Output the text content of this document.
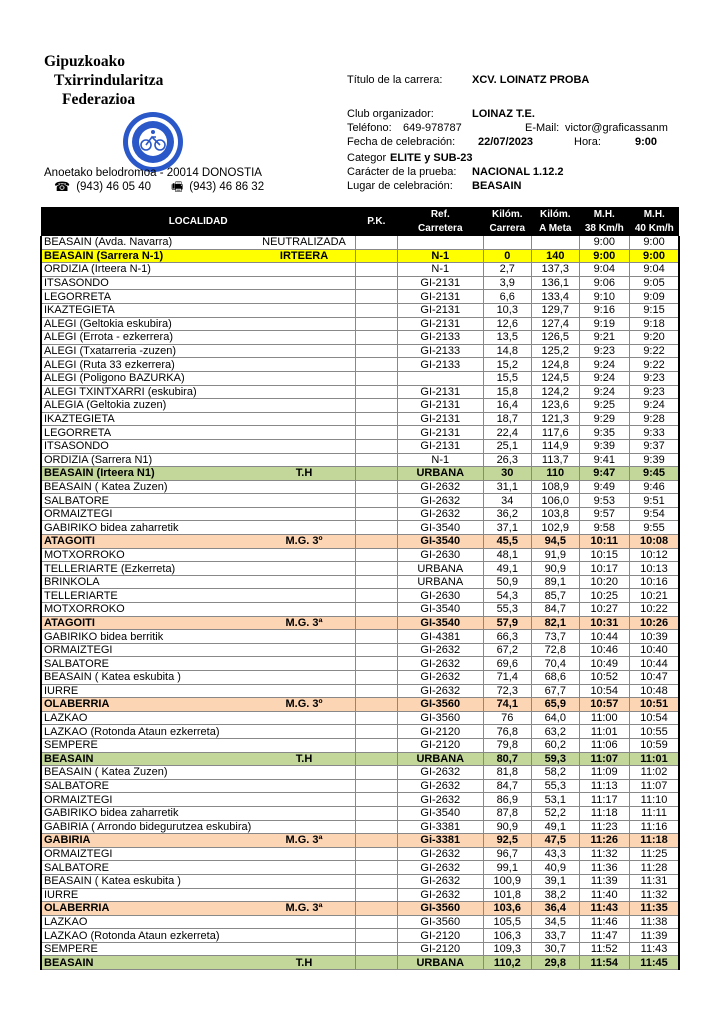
Gipuzkoako
Txirrindularitza
Federazioa
Anoetako belodromoa - 20014 DONOSTIA
☎ (943) 46 05 40 🖷 (943) 46 86 32
Título de la carrera:	XCV. LOINATZ PROBA
Club organizador:	LOINAZ T.E.
Teléfono: 649-978787	E-Mail: victor@graficassanm
Fecha de celebración: 22/07/2023	Hora:	9:00
Categor ELITE y SUB-23
Carácter de la prueba: NACIONAL 1.12.2
Lugar de celebración: BEASAIN
LOCALIDAD		P.K.	Ref.	Kilóm.	Kilóm.	M.H.	M.H.
			Carretera	Carrera	A Meta	38 Km/h	40 Km/h
BEASAIN (Avda. Navarra)	NEUTRALIZADA					9:00	9:00
BEASAIN (Sarrera N-1)	IRTEERA		N-1	0	140	9:00	9:00
ORDIZIA (Irteera N-1)			N-1	2,7	137,3	9:04	9:04
ITSASONDO			GI-2131	3,9	136,1	9:06	9:05
LEGORRETA			GI-2131	6,6	133,4	9:10	9:09
IKAZTEGIETA			GI-2131	10,3	129,7	9:16	9:15
ALEGI (Geltokia eskubira)			GI-2131	12,6	127,4	9:19	9:18
ALEGI (Errota - ezkerrera)			GI-2133	13,5	126,5	9:21	9:20
ALEGI (Txatarreria -zuzen)			GI-2133	14,8	125,2	9:23	9:22
ALEGI (Ruta 33 ezkerrera)			GI-2133	15,2	124,8	9:24	9:22
ALEGI (Poligono BAZURKA)				15,5	124,5	9:24	9:23
ALEGI TXINTXARRI (eskubira)			GI-2131	15,8	124,2	9:24	9:23
ALEGIA (Geltokia zuzen)			GI-2131	16,4	123,6	9:25	9:24
IKAZTEGIETA			GI-2131	18,7	121,3	9:29	9:28
LEGORRETA			GI-2131	22,4	117,6	9:35	9:33
ITSASONDO			GI-2131	25,1	114,9	9:39	9:37
ORDIZIA (Sarrera N1)			N-1	26,3	113,7	9:41	9:39
BEASAIN (Irteera N1)	T.H		URBANA	30	110	9:47	9:45
BEASAIN ( Katea Zuzen)			GI-2632	31,1	108,9	9:49	9:46
SALBATORE			GI-2632	34	106,0	9:53	9:51
ORMAIZTEGI			GI-2632	36,2	103,8	9:57	9:54
GABIRIKO bidea zaharretik			GI-3540	37,1	102,9	9:58	9:55
ATAGOITI	M.G. 3º		GI-3540	45,5	94,5	10:11	10:08
MOTXORROKO			GI-2630	48,1	91,9	10:15	10:12
TELLERIARTE (Ezkerreta)			URBANA	49,1	90,9	10:17	10:13
BRINKOLA			URBANA	50,9	89,1	10:20	10:16
TELLERIARTE			GI-2630	54,3	85,7	10:25	10:21
MOTXORROKO			GI-3540	55,3	84,7	10:27	10:22
ATAGOITI	M.G. 3ª		GI-3540	57,9	82,1	10:31	10:26
GABIRIKO bidea berritik			GI-4381	66,3	73,7	10:44	10:39
ORMAIZTEGI			GI-2632	67,2	72,8	10:46	10:40
SALBATORE			GI-2632	69,6	70,4	10:49	10:44
BEASAIN ( Katea eskubita )			GI-2632	71,4	68,6	10:52	10:47
IURRE			GI-2632	72,3	67,7	10:54	10:48
OLABERRIA	M.G. 3º		GI-3560	74,1	65,9	10:57	10:51
LAZKAO			GI-3560	76	64,0	11:00	10:54
LAZKAO (Rotonda Ataun ezkerreta)			GI-2120	76,8	63,2	11:01	10:55
SEMPERE			GI-2120	79,8	60,2	11:06	10:59
BEASAIN	T.H		URBANA	80,7	59,3	11:07	11:01
BEASAIN ( Katea Zuzen)			GI-2632	81,8	58,2	11:09	11:02
SALBATORE			GI-2632	84,7	55,3	11:13	11:07
ORMAIZTEGI			GI-2632	86,9	53,1	11:17	11:10
GABIRIKO bidea zaharretik			GI-3540	87,8	52,2	11:18	11:11
GABIRIA ( Arrondo bidegurutzea eskubira)			GI-3381	90,9	49,1	11:23	11:16
GABIRIA	M.G. 3ª		Gi-3381	92,5	47,5	11:26	11:18
ORMAIZTEGI			GI-2632	96,7	43,3	11:32	11:25
SALBATORE			GI-2632	99,1	40,9	11:36	11:28
BEASAIN ( Katea eskubita )			GI-2632	100,9	39,1	11:39	11:31
IURRE			GI-2632	101,8	38,2	11:40	11:32
OLABERRIA	M.G. 3ª		GI-3560	103,6	36,4	11:43	11:35
LAZKAO			GI-3560	105,5	34,5	11:46	11:38
LAZKAO (Rotonda Ataun ezkerreta)			GI-2120	106,3	33,7	11:47	11:39
SEMPERE			GI-2120	109,3	30,7	11:52	11:43
BEASAIN	T.H		URBANA	110,2	29,8	11:54	11:45
